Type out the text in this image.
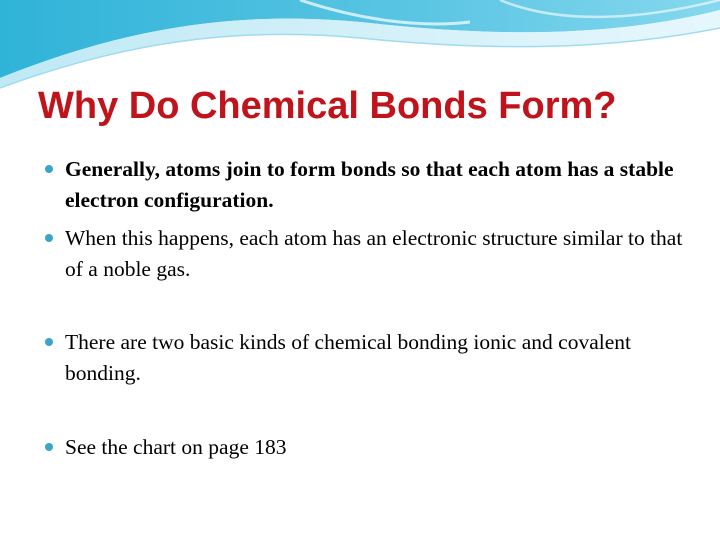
Why Do Chemical Bonds Form?
Generally, atoms join to form bonds so that each atom has a stable electron configuration.
When this happens, each atom has an electronic structure similar to that of a noble gas.
There are two basic kinds of chemical bonding ionic and covalent bonding.
See the chart on page 183
